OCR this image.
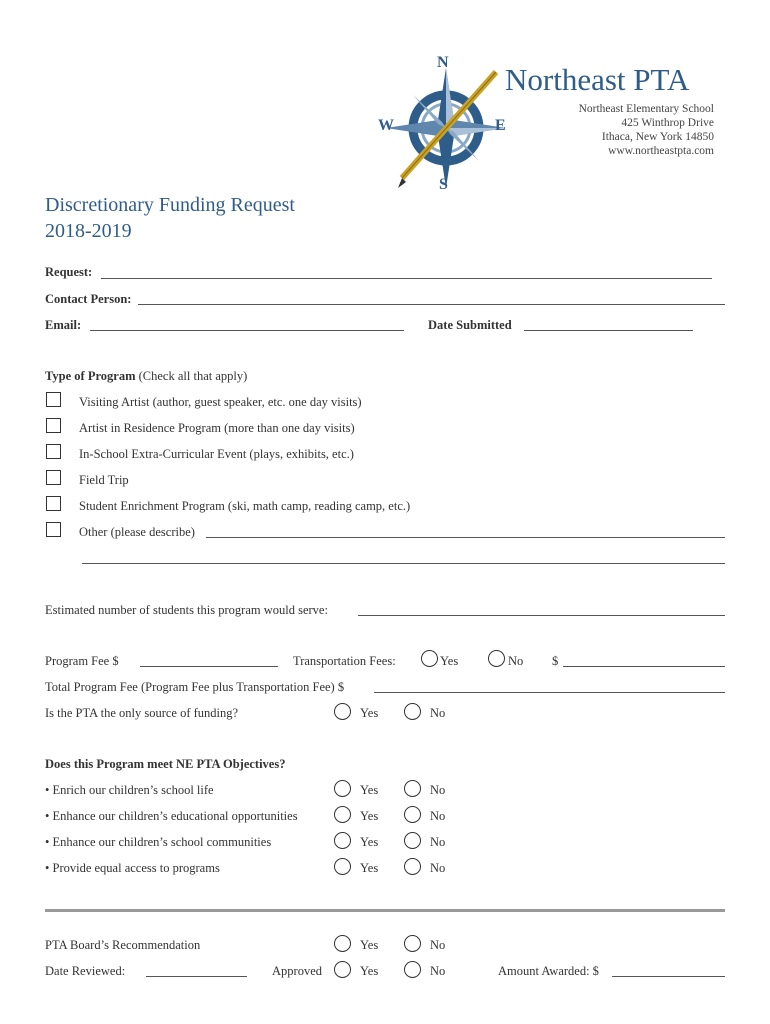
N
S
W	E
Northeast PTA
Northeast Elementary School
425 Winthrop Drive
Ithaca, New York 14850
www.northeastpta.com
Discretionary Funding Request
2018-2019
Request:
Contact Person:
Email:	Date Submitted
Type of Program (Check all that apply)
Visiting Artist (author, guest speaker, etc. one day visits)
Artist in Residence Program (more than one day visits)
In-School Extra-Curricular Event (plays, exhibits, etc.)
Field Trip
Student Enrichment Program (ski, math camp, reading camp, etc.)
Other (please describe)
Estimated number of students this program would serve:
Program Fee $	Transportation Fees:	Yes	No $
Total Program Fee (Program Fee plus Transportation Fee) $
Is the PTA the only source of funding?	Yes	No
Does this Program meet NE PTA Objectives?
• Enrich our children’s school life	Yes	No
• Enhance our children’s educational opportunities	Yes	No
• Enhance our children’s school communities	Yes	No
• Provide equal access to programs	Yes	No
PTA Board’s Recommendation	Yes	No
Date Reviewed:	Approved	Yes	No	Amount Awarded: $
